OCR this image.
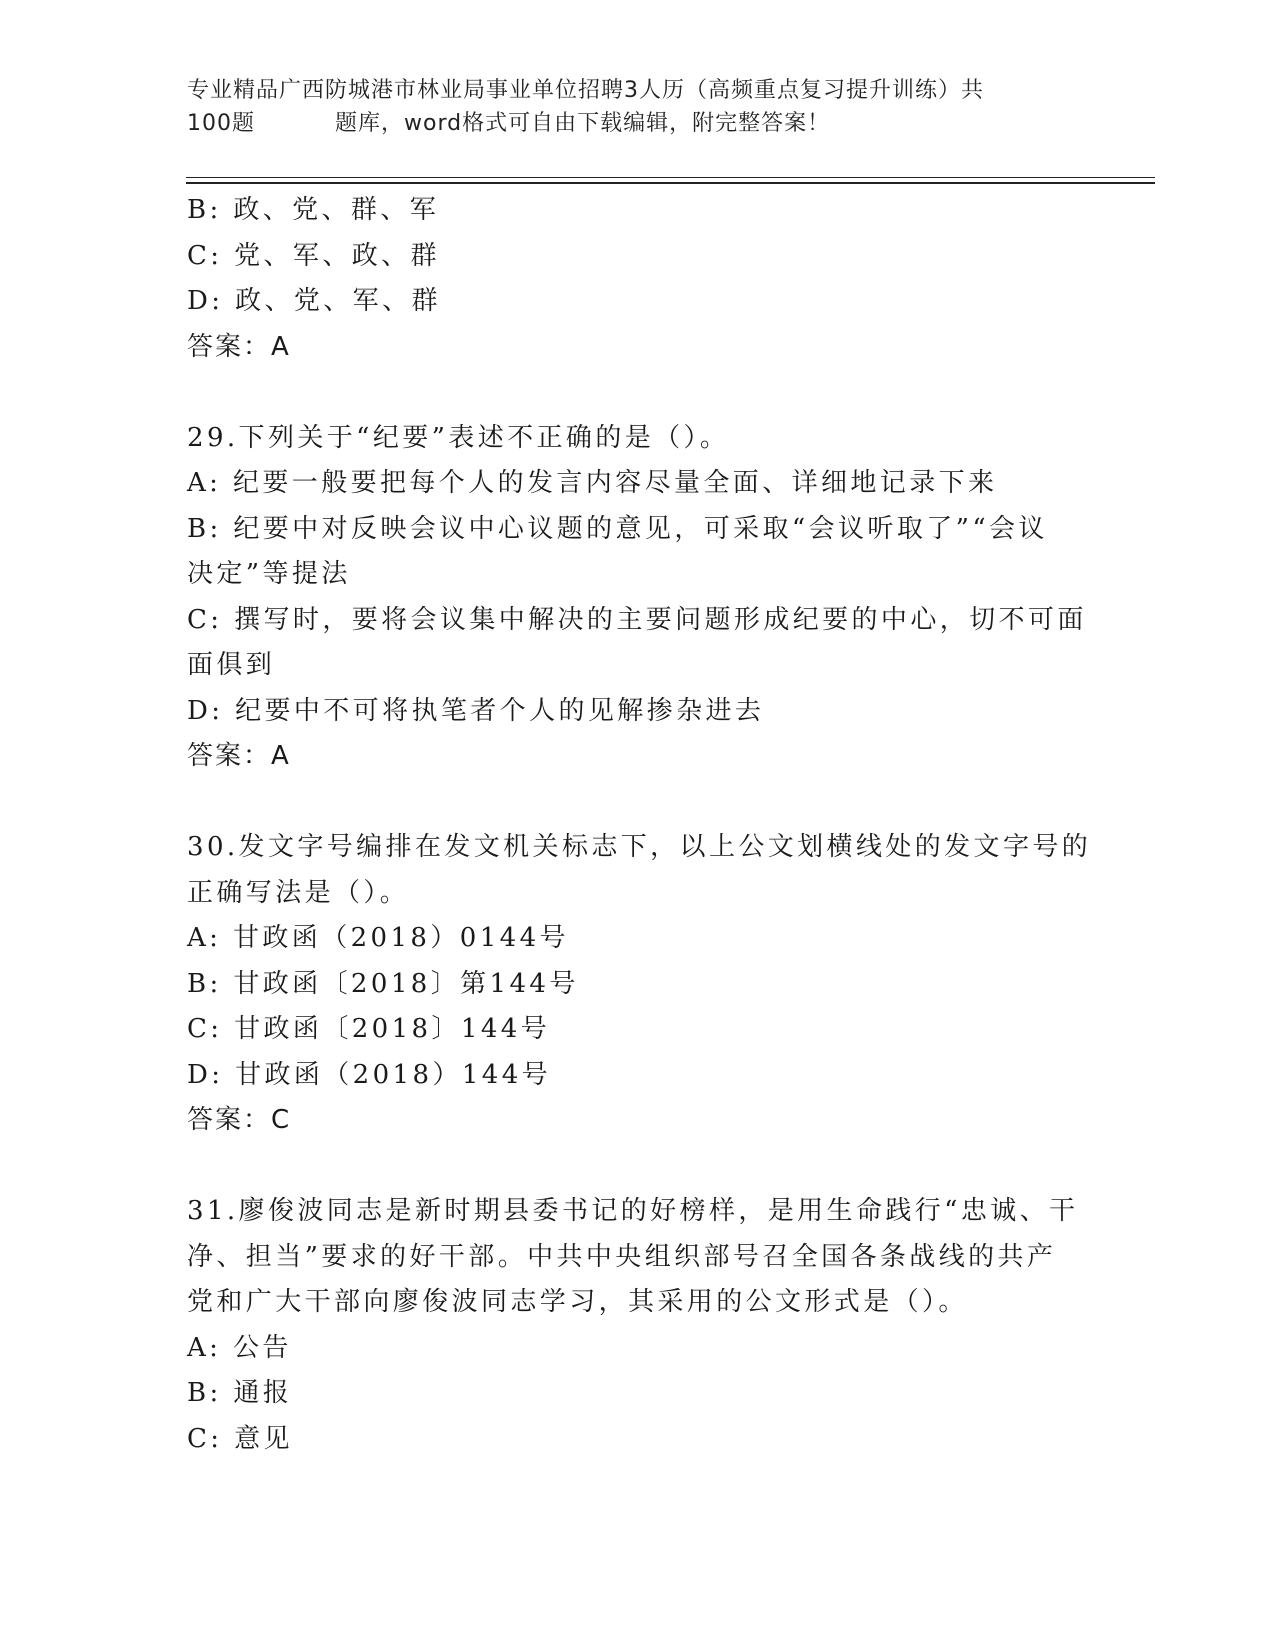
专业精品广西防城港市林业局事业单位招聘3人历（高频重点复习提升训练）共
100题	题库，word格式可自由下载编辑，附完整答案！
B: 政、党、群、军
C: 党、军、政、群
D: 政、党、军、群
答案：A
29.下列关于“纪要”表述不正确的是（）。
A: 纪要一般要把每个人的发言内容尽量全面、详细地记录下来
B: 纪要中对反映会议中心议题的意见，可采取“会议听取了”“会议
决定”等提法
C: 撰写时，要将会议集中解决的主要问题形成纪要的中心，切不可面
面俱到
D: 纪要中不可将执笔者个人的见解掺杂进去
答案：A
30.发文字号编排在发文机关标志下，以上公文划横线处的发文字号的
正确写法是（）。
A: 甘政函（2018）0144号
B: 甘政函〔2018〕第144号
C: 甘政函〔2018〕144号
D: 甘政函（2018）144号
答案：C
31.廖俊波同志是新时期县委书记的好榜样，是用生命践行“忠诚、干
净、担当”要求的好干部。中共中央组织部号召全国各条战线的共产
党和广大干部向廖俊波同志学习，其采用的公文形式是（）。
A: 公告
B: 通报
C: 意见
